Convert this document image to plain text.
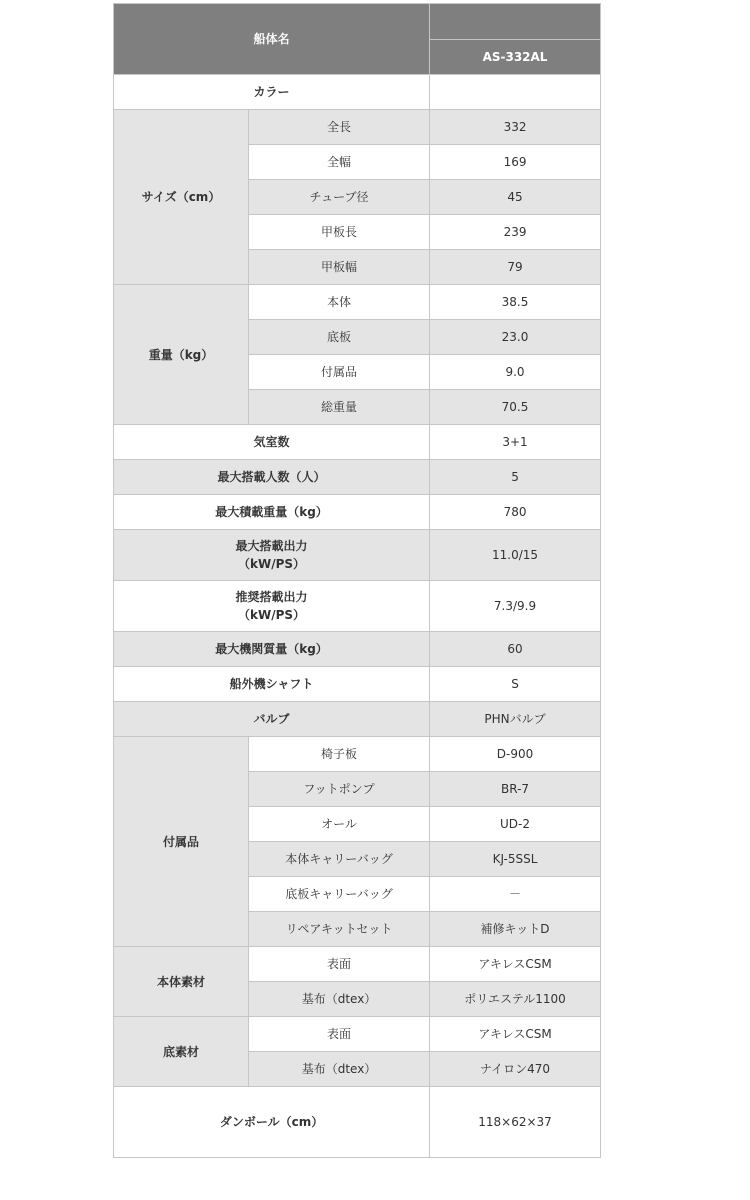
船体名		
		AS-332AL
カラー		
サイズ（cm）	全長	332
	全幅	169
	チューブ径	45
	甲板長	239
	甲板幅	79
重量（kg）	本体	38.5
	底板	23.0
	付属品	9.0
	総重量	70.5
気室数		3+1
最大搭載人数（人）		5
最大積載重量（kg）		780

最大搭載出力
（kW/PS）		11.0/15

推奨搭載出力
（kW/PS）		7.3/9.9
最大機関質量（kg）		60
船外機シャフト		S
バルブ		PHNバルブ
付属品	椅子板	D-900
	フットポンプ	BR-7
	オール	UD-2
	本体キャリーバッグ	KJ-5SSL
	底板キャリーバッグ	－
	リペアキットセット	補修キットD
本体素材	表面	アキレスCSM
	基布（dtex）	ポリエステル1100
底素材	表面	アキレスCSM
	基布（dtex）	ナイロン470
ダンボール（cm）		118×62×37
